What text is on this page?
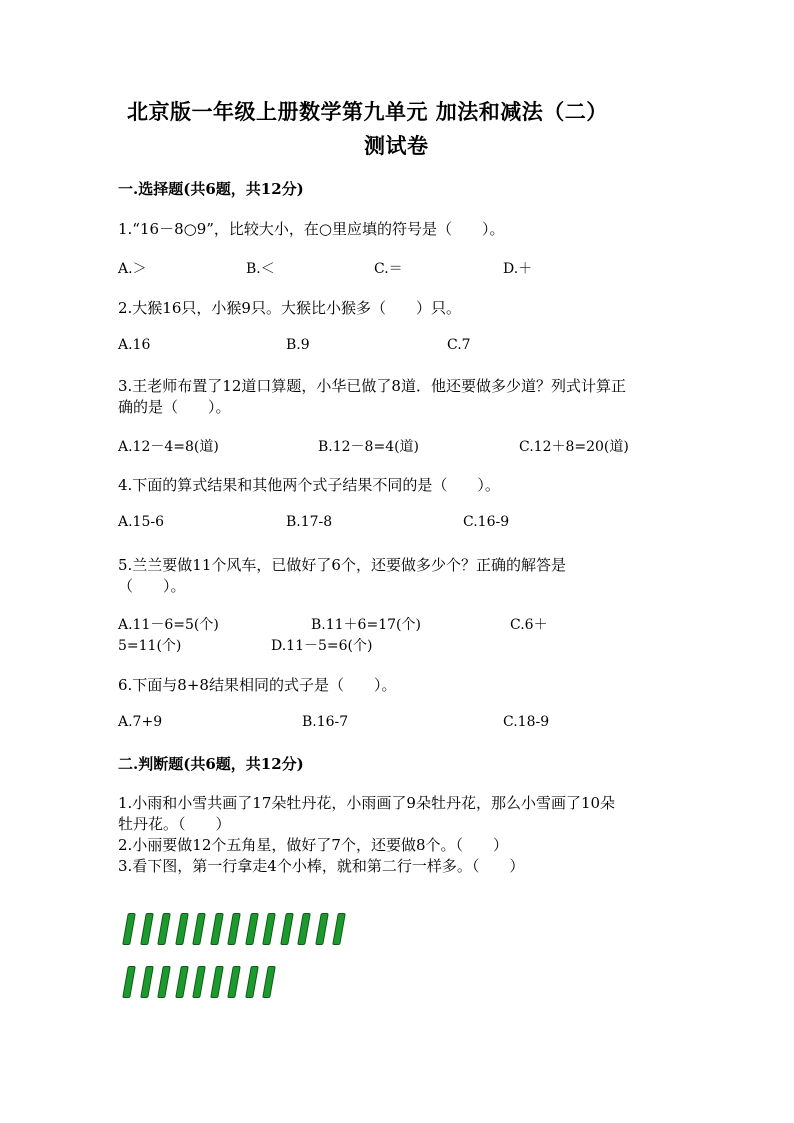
北京版一年级上册数学第九单元 加法和减法（二）
测试卷
一.选择题(共6题，共12分)
1.“16－8○9”，比较大小，在○里应填的符号是（　　）。
A.＞	B.＜	C.＝	D.＋
2.大猴16只，小猴9只。大猴比小猴多（　　）只。
A.16	B.9	C.7
3.王老师布置了12道口算题，小华已做了8道．他还要做多少道？列式计算正
确的是（　　）。
A.12－4=8(道)	B.12－8=4(道)	C.12＋8=20(道)
4.下面的算式结果和其他两个式子结果不同的是（　　）。
A.15-6	B.17-8	C.16-9
5.兰兰要做11个风车，已做好了6个，还要做多少个？正确的解答是
（　　）。
A.11－6=5(个)	B.11＋6=17(个)	C.6＋
5=11(个)	D.11－5=6(个)
6.下面与8+8结果相同的式子是（　　）。
A.7+9	B.16-7	C.18-9
二.判断题(共6题，共12分)
1.小雨和小雪共画了17朵牡丹花，小雨画了9朵牡丹花，那么小雪画了10朵
牡丹花。（　　）
2.小丽要做12个五角星，做好了7个，还要做8个。（　　）
3.看下图，第一行拿走4个小棒，就和第二行一样多。（　　）
